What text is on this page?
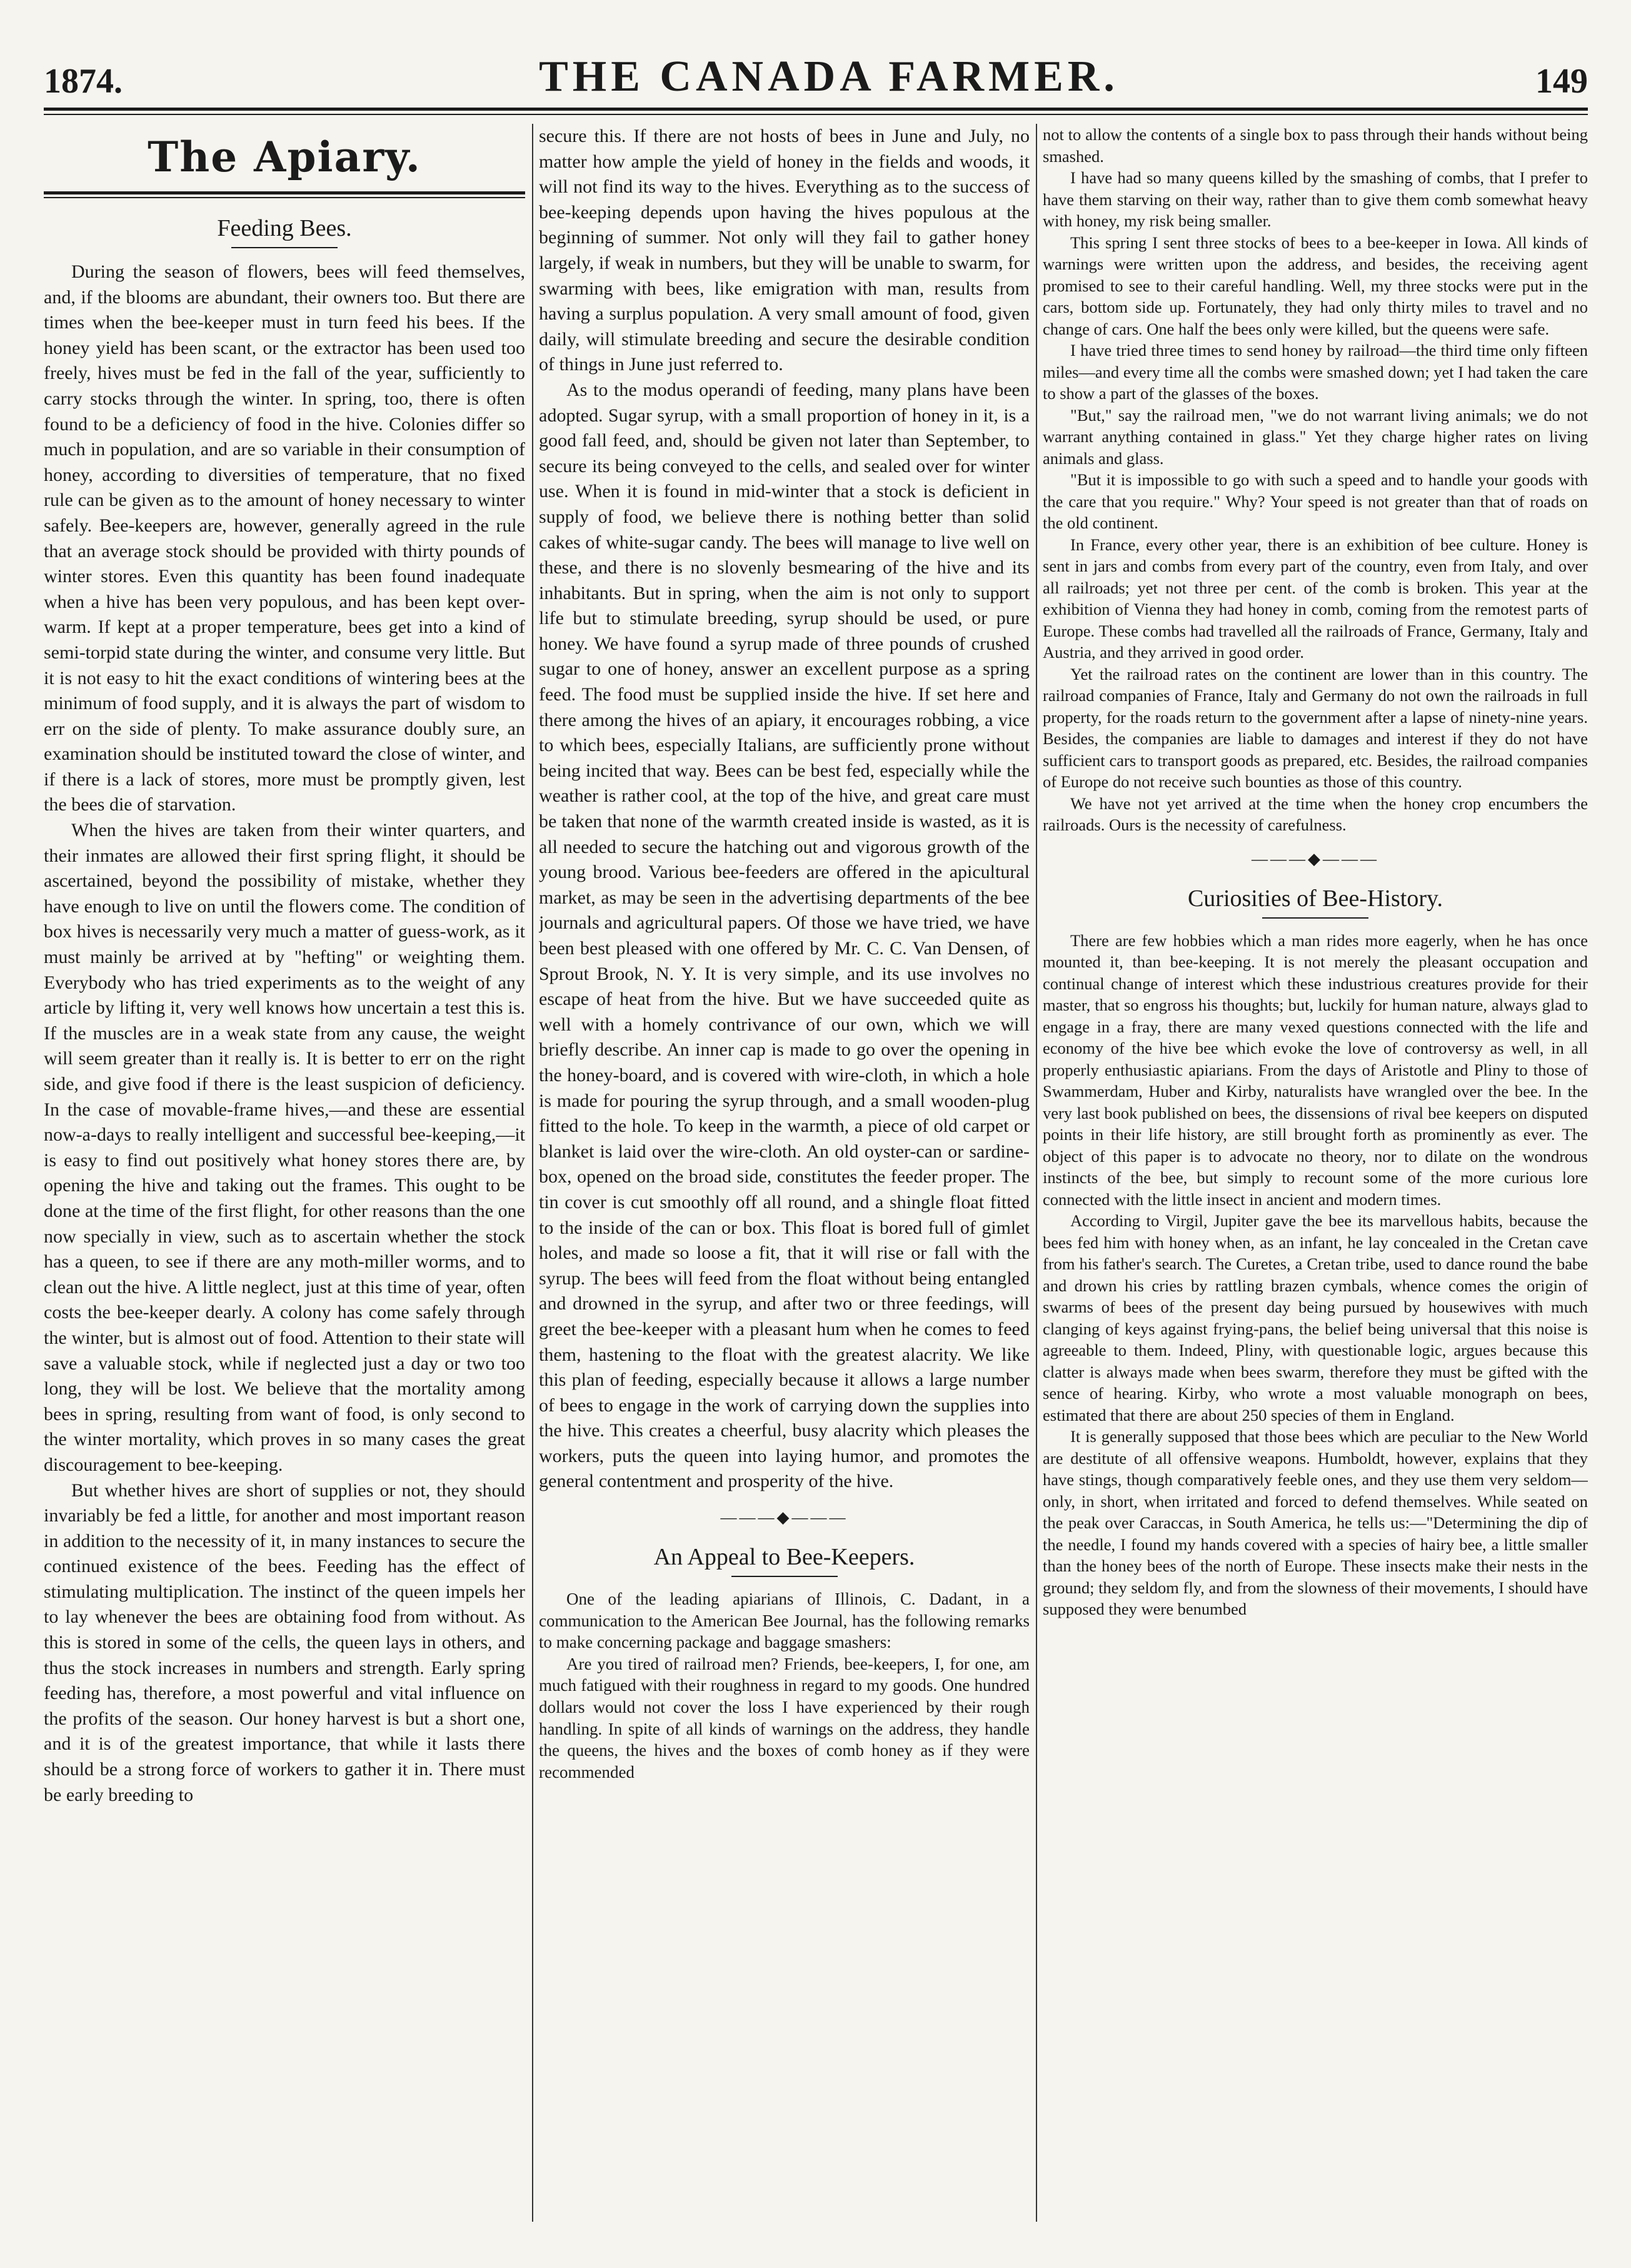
1874.	THE CANADA FARMER.	149
The Apiary.
Feeding Bees.

During the season of flowers, bees will feed themselves, and, if the blooms are abundant, their owners too. But there are times when the bee-keeper must in turn feed his bees. If the honey yield has been scant, or the extractor has been used too freely, hives must be fed in the fall of the year, sufficiently to carry stocks through the winter. In spring, too, there is often found to be a deficiency of food in the hive. Colonies differ so much in population, and are so variable in their consumption of honey, according to diversities of temperature, that no fixed rule can be given as to the amount of honey necessary to winter safely. Bee-keepers are, however, generally agreed in the rule that an average stock should be provided with thirty pounds of winter stores. Even this quantity has been found inadequate when a hive has been very populous, and has been kept over-warm. If kept at a proper temperature, bees get into a kind of semi-torpid state during the winter, and consume very little. But it is not easy to hit the exact conditions of wintering bees at the minimum of food supply, and it is always the part of wisdom to err on the side of plenty. To make assurance doubly sure, an examination should be instituted toward the close of winter, and if there is a lack of stores, more must be promptly given, lest the bees die of starvation.

When the hives are taken from their winter quarters, and their inmates are allowed their first spring flight, it should be ascertained, beyond the possibility of mistake, whether they have enough to live on until the flowers come. The condition of box hives is necessarily very much a matter of guess-work, as it must mainly be arrived at by "hefting" or weighting them. Everybody who has tried experiments as to the weight of any article by lifting it, very well knows how uncertain a test this is. If the muscles are in a weak state from any cause, the weight will seem greater than it really is. It is better to err on the right side, and give food if there is the least suspicion of deficiency. In the case of movable-frame hives,—and these are essential now-a-days to really intelligent and successful bee-keeping,—it is easy to find out positively what honey stores there are, by opening the hive and taking out the frames. This ought to be done at the time of the first flight, for other reasons than the one now specially in view, such as to ascertain whether the stock has a queen, to see if there are any moth-miller worms, and to clean out the hive. A little neglect, just at this time of year, often costs the bee-keeper dearly. A colony has come safely through the winter, but is almost out of food. Attention to their state will save a valuable stock, while if neglected just a day or two too long, they will be lost. We believe that the mortality among bees in spring, resulting from want of food, is only second to the winter mortality, which proves in so many cases the great discouragement to bee-keeping.

But whether hives are short of supplies or not, they should invariably be fed a little, for another and most important reason in addition to the necessity of it, in many instances to secure the continued existence of the bees. Feeding has the effect of stimulating multiplication. The instinct of the queen impels her to lay whenever the bees are obtaining food from without. As this is stored in some of the cells, the queen lays in others, and thus the stock increases in numbers and strength. Early spring feeding has, therefore, a most powerful and vital influence on the profits of the season. Our honey harvest is but a short one, and it is of the greatest importance, that while it lasts there should be a strong force of workers to gather it in. There must be early breeding to

secure this. If there are not hosts of bees in June and July, no matter how ample the yield of honey in the fields and woods, it will not find its way to the hives. Everything as to the success of bee-keeping depends upon having the hives populous at the beginning of summer. Not only will they fail to gather honey largely, if weak in numbers, but they will be unable to swarm, for swarming with bees, like emigration with man, results from having a surplus population. A very small amount of food, given daily, will stimulate breeding and secure the desirable condition of things in June just referred to.

As to the modus operandi of feeding, many plans have been adopted. Sugar syrup, with a small proportion of honey in it, is a good fall feed, and, should be given not later than September, to secure its being conveyed to the cells, and sealed over for winter use. When it is found in mid-winter that a stock is deficient in supply of food, we believe there is nothing better than solid cakes of white-sugar candy. The bees will manage to live well on these, and there is no slovenly besmearing of the hive and its inhabitants. But in spring, when the aim is not only to support life but to stimulate breeding, syrup should be used, or pure honey. We have found a syrup made of three pounds of crushed sugar to one of honey, answer an excellent purpose as a spring feed. The food must be supplied inside the hive. If set here and there among the hives of an apiary, it encourages robbing, a vice to which bees, especially Italians, are sufficiently prone without being incited that way. Bees can be best fed, especially while the weather is rather cool, at the top of the hive, and great care must be taken that none of the warmth created inside is wasted, as it is all needed to secure the hatching out and vigorous growth of the young brood. Various bee-feeders are offered in the apicultural market, as may be seen in the advertising departments of the bee journals and agricultural papers. Of those we have tried, we have been best pleased with one offered by Mr. C. C. Van Densen, of Sprout Brook, N. Y. It is very simple, and its use involves no escape of heat from the hive. But we have succeeded quite as well with a homely contrivance of our own, which we will briefly describe. An inner cap is made to go over the opening in the honey-board, and is covered with wire-cloth, in which a hole is made for pouring the syrup through, and a small wooden-plug fitted to the hole. To keep in the warmth, a piece of old carpet or blanket is laid over the wire-cloth. An old oyster-can or sardine-box, opened on the broad side, constitutes the feeder proper. The tin cover is cut smoothly off all round, and a shingle float fitted to the inside of the can or box. This float is bored full of gimlet holes, and made so loose a fit, that it will rise or fall with the syrup. The bees will feed from the float without being entangled and drowned in the syrup, and after two or three feedings, will greet the bee-keeper with a pleasant hum when he comes to feed them, hastening to the float with the greatest alacrity. We like this plan of feeding, especially because it allows a large number of bees to engage in the work of carrying down the supplies into the hive. This creates a cheerful, busy alacrity which pleases the workers, puts the queen into laying humor, and promotes the general contentment and prosperity of the hive.

———◆———
An Appeal to Bee-Keepers.

One of the leading apiarians of Illinois, C. Dadant, in a communication to the American Bee Journal, has the following remarks to make concerning package and baggage smashers:

Are you tired of railroad men? Friends, bee-keepers, I, for one, am much fatigued with their roughness in regard to my goods. One hundred dollars would not cover the loss I have experienced by their rough handling. In spite of all kinds of warnings on the address, they handle the queens, the hives and the boxes of comb honey as if they were recommended

not to allow the contents of a single box to pass through their hands without being smashed.

I have had so many queens killed by the smashing of combs, that I prefer to have them starving on their way, rather than to give them comb somewhat heavy with honey, my risk being smaller.

This spring I sent three stocks of bees to a bee-keeper in Iowa. All kinds of warnings were written upon the address, and besides, the receiving agent promised to see to their careful handling. Well, my three stocks were put in the cars, bottom side up. Fortunately, they had only thirty miles to travel and no change of cars. One half the bees only were killed, but the queens were safe.

I have tried three times to send honey by railroad—the third time only fifteen miles—and every time all the combs were smashed down; yet I had taken the care to show a part of the glasses of the boxes.

"But," say the railroad men, "we do not warrant living animals; we do not warrant anything contained in glass." Yet they charge higher rates on living animals and glass.

"But it is impossible to go with such a speed and to handle your goods with the care that you require." Why? Your speed is not greater than that of roads on the old continent.

In France, every other year, there is an exhibition of bee culture. Honey is sent in jars and combs from every part of the country, even from Italy, and over all railroads; yet not three per cent. of the comb is broken. This year at the exhibition of Vienna they had honey in comb, coming from the remotest parts of Europe. These combs had travelled all the railroads of France, Germany, Italy and Austria, and they arrived in good order.

Yet the railroad rates on the continent are lower than in this country. The railroad companies of France, Italy and Germany do not own the railroads in full property, for the roads return to the government after a lapse of ninety-nine years. Besides, the companies are liable to damages and interest if they do not have sufficient cars to transport goods as prepared, etc. Besides, the railroad companies of Europe do not receive such bounties as those of this country.

We have not yet arrived at the time when the honey crop encumbers the railroads. Ours is the necessity of carefulness.

———◆———
Curiosities of Bee-History.

There are few hobbies which a man rides more eagerly, when he has once mounted it, than bee-keeping. It is not merely the pleasant occupation and continual change of interest which these industrious creatures provide for their master, that so engross his thoughts; but, luckily for human nature, always glad to engage in a fray, there are many vexed questions connected with the life and economy of the hive bee which evoke the love of controversy as well, in all properly enthusiastic apiarians. From the days of Aristotle and Pliny to those of Swammerdam, Huber and Kirby, naturalists have wrangled over the bee. In the very last book published on bees, the dissensions of rival bee keepers on disputed points in their life history, are still brought forth as prominently as ever. The object of this paper is to advocate no theory, nor to dilate on the wondrous instincts of the bee, but simply to recount some of the more curious lore connected with the little insect in ancient and modern times.

According to Virgil, Jupiter gave the bee its marvellous habits, because the bees fed him with honey when, as an infant, he lay concealed in the Cretan cave from his father's search. The Curetes, a Cretan tribe, used to dance round the babe and drown his cries by rattling brazen cymbals, whence comes the origin of swarms of bees of the present day being pursued by housewives with much clanging of keys against frying-pans, the belief being universal that this noise is agreeable to them. Indeed, Pliny, with questionable logic, argues because this clatter is always made when bees swarm, therefore they must be gifted with the sence of hearing. Kirby, who wrote a most valuable monograph on bees, estimated that there are about 250 species of them in England.

It is generally supposed that those bees which are peculiar to the New World are destitute of all offensive weapons. Humboldt, however, explains that they have stings, though comparatively feeble ones, and they use them very seldom—only, in short, when irritated and forced to defend themselves. While seated on the peak over Caraccas, in South America, he tells us:—"Determining the dip of the needle, I found my hands covered with a species of hairy bee, a little smaller than the honey bees of the north of Europe. These insects make their nests in the ground; they seldom fly, and from the slowness of their movements, I should have supposed they were benumbed
